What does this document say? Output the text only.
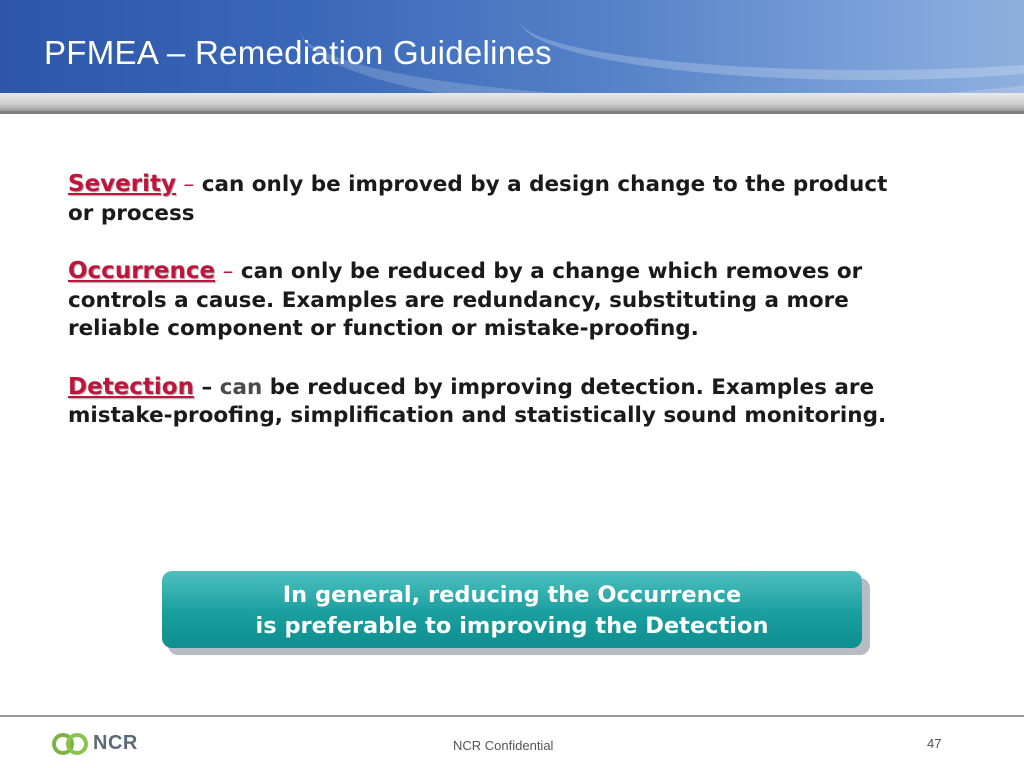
PFMEA – Remediation Guidelines

Severity – can only be improved by a design change to the product or process

Occurrence – can only be reduced by a change which removes or controls a cause. Examples are redundancy, substituting a more reliable component or function or mistake-proofing.

Detection – can be reduced by improving detection. Examples are mistake-proofing, simplification and statistically sound monitoring.

In general, reducing the Occurrence
is preferable to improving the Detection
NCR	NCR Confidential	47
